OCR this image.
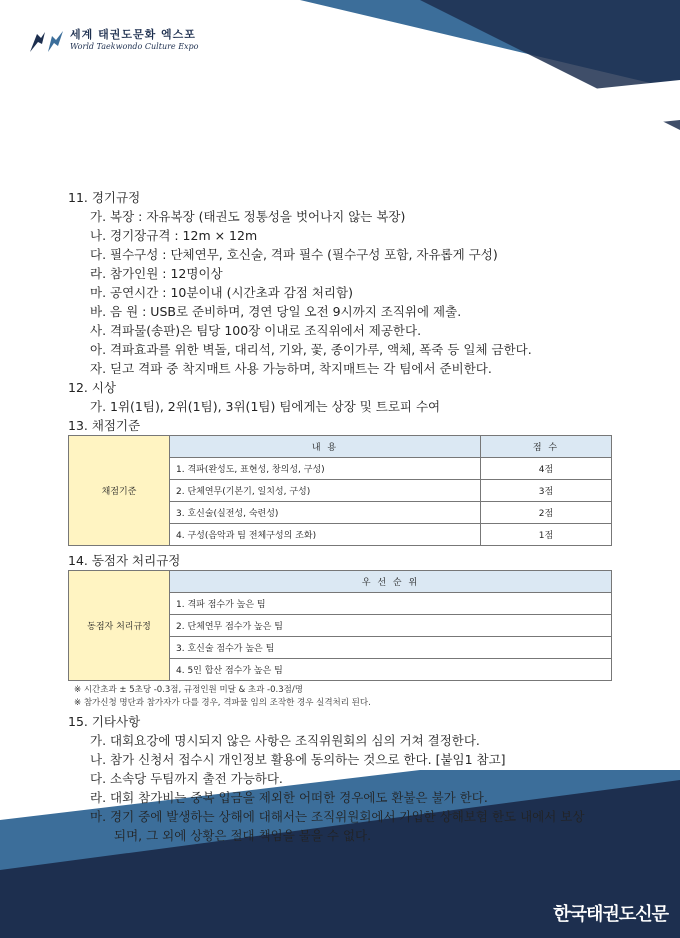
세계 태권도문화 엑스포
World Taekwondo Culture Expo
11. 경기규정
가. 복장 : 자유복장 (태권도 정통성을 벗어나지 않는 복장)
나. 경기장규격 : 12m × 12m
다. 필수구성 : 단체연무, 호신술, 격파 필수 (필수구성 포함, 자유롭게 구성)
라. 참가인원 : 12명이상
마. 공연시간 : 10분이내 (시간초과 감점 처리함)
바. 음 원 : USB로 준비하며, 경연 당일 오전 9시까지 조직위에 제출.
사. 격파물(송판)은 팀당 100장 이내로 조직위에서 제공한다.
아. 격파효과를 위한 벽돌, 대리석, 기와, 꽃, 종이가루, 액체, 폭죽 등 일체 금한다.
자. 딛고 격파 중 착지매트 사용 가능하며, 착지매트는 각 팀에서 준비한다.
12. 시상
가. 1위(1팀), 2위(1팀), 3위(1팀) 팀에게는 상장 및 트로피 수여
13. 채점기준
채점기준	내 용	점 수
	1. 격파(완성도, 표현성, 창의성, 구성)	4점
	2. 단체연무(기본기, 일치성, 구성)	3점
	3. 호신술(실전성, 숙련성)	2점
	4. 구성(음악과 팀 전체구성의 조화)	1점
14. 동점자 처리규정
동점자 처리규정	우 선 순 위
1. 격파 점수가 높은 팀
2. 단체연무 점수가 높은 팀
3. 호신술 점수가 높은 팀
4. 5인 합산 점수가 높은 팀
※ 시간초과 ± 5초당 -0.3점, 규정인원 미달 & 초과 -0.3점/명
※ 참가신청 명단과 참가자가 다를 경우, 격파물 임의 조작한 경우 실격처리 된다.
15. 기타사항
가. 대회요강에 명시되지 않은 사항은 조직위원회의 심의 거쳐 결정한다.
나. 참가 신청서 접수시 개인정보 활용에 동의하는 것으로 한다. [붙임1 참고]
다. 소속당 두팀까지 출전 가능하다.
라. 대회 참가비는 중복 입금을 제외한 어떠한 경우에도 환불은 불가 한다.
마. 경기 중에 발생하는 상해에 대해서는 조직위원회에서 가입한 상해보험 한도 내에서 보상
되며, 그 외에 상황은 절대 책임을 물을 수 없다.
한국태권도신문
